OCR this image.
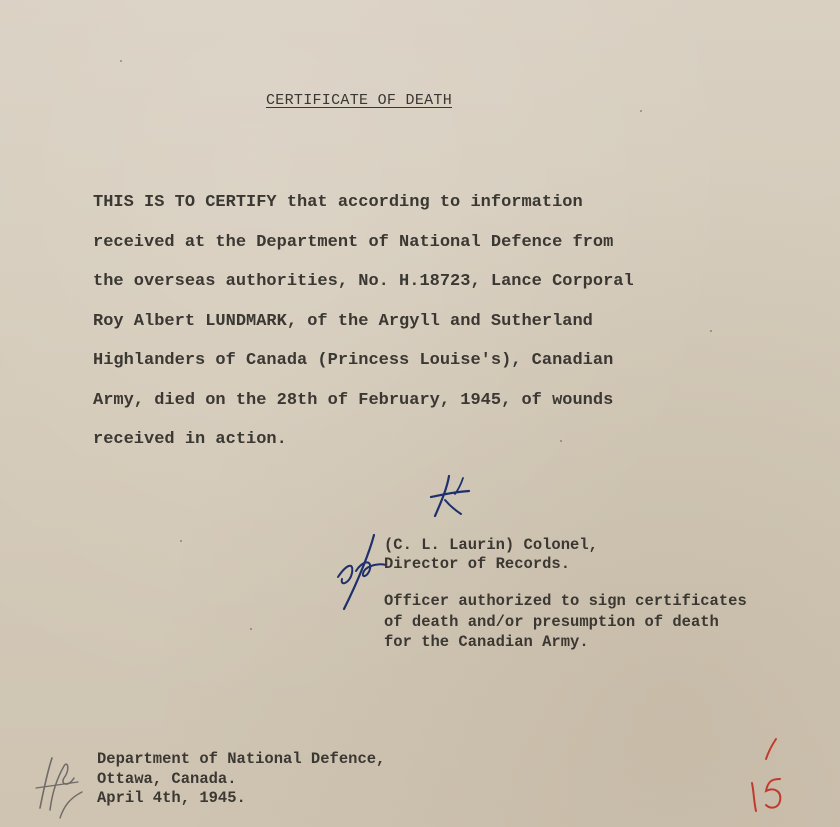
CERTIFICATE OF DEATH

THIS IS TO CERTIFY that according to information
received at the Department of National Defence from
the overseas authorities, No. H.18723, Lance Corporal
Roy Albert LUNDMARK, of the Argyll and Sutherland
Highlanders of Canada (Princess Louise's), Canadian
Army, died on the 28th of February, 1945, of wounds
received in action.

(C. L. Laurin) Colonel,
Director of Records.
Officer authorized to sign certificates
of death and/or presumption of death
for the Canadian Army.
Department of National Defence,
Ottawa, Canada.
April 4th, 1945.
